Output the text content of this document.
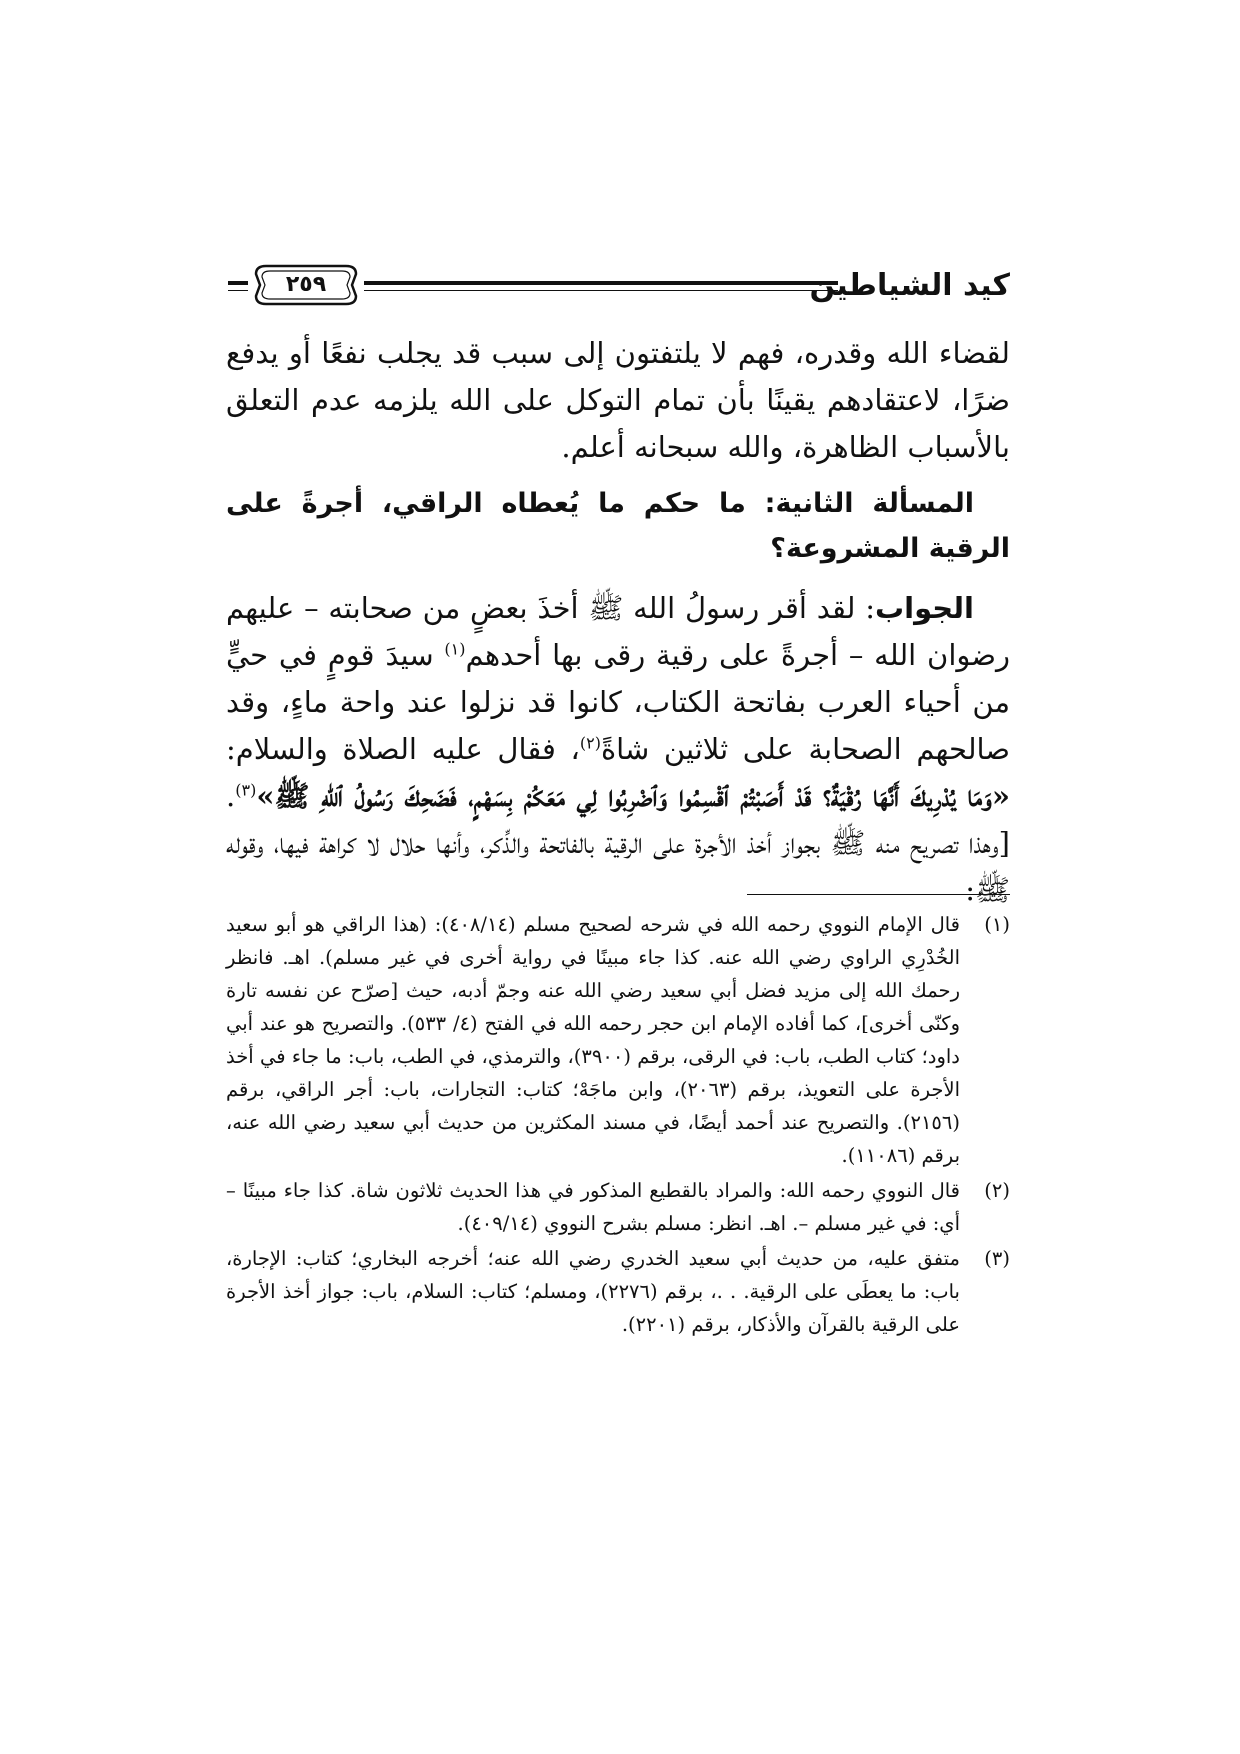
كيد الشياطين
٢٥٩

لقضاء الله وقدره، فهم لا يلتفتون إلى سبب قد يجلب نفعًا أو يدفع ضرًا، لاعتقادهم يقينًا بأن تمام التوكل على الله يلزمه عدم التعلق بالأسباب الظاهرة، والله سبحانه أعلم.

المسألة الثانية: ما حكم ما يُعطاه الراقي، أجرةً على الرقية المشروعة؟

الجواب: لقد أقر رسولُ الله ﷺ أخذَ بعضٍ من صحابته – عليهم رضوان الله – أجرةً على رقية رقى بها أحدهم$^{(١)}$ سيدَ قومٍ في حيٍّ من أحياء العرب بفاتحة الكتاب، كانوا قد نزلوا عند واحة ماءٍ، وقد صالحهم الصحابة على ثلاثين شاةً$^{(٢)}$، فقال عليه الصلاة والسلام: «وَمَا يُدْرِيكَ أَنَّهَا رُقْيَةٌ؟ قَدْ أَصَبْتُمْ ٱقْسِمُوا وَٱضْرِبُوا لِي مَعَكُمْ بِسَهْمٍ، فَضَحِكَ رَسُولُ ٱللهِ ﷺ»$^{(٣)}$. [وهذا تصريح منه ﷺ بجواز أخذ الأجرة على الرقية بالفاتحة والذِّكر، وأنها حلال لا كراهة فيها، وقوله ﷺ:

(١)
قال الإمام النووي رحمه الله في شرحه لصحيح مسلم (٤٠٨/١٤): (هذا الراقي هو أبو سعيد الخُدْرِي الراوي رضي الله عنه. كذا جاء مبينًا في رواية أخرى في غير مسلم). اهـ. فانظر رحمك الله إلى مزيد فضل أبي سعيد رضي الله عنه وجمّ أدبه، حيث [صرّح عن نفسه تارة وكنّى أخرى]، كما أفاده الإمام ابن حجر رحمه الله في الفتح (٤/ ٥٣٣). والتصريح هو عند أبي داود؛ كتاب الطب، باب: في الرقى، برقم (٣٩٠٠)، والترمذي، في الطب، باب: ما جاء في أخذ الأجرة على التعويذ، برقم (٢٠٦٣)، وابن ماجَهْ؛ كتاب: التجارات، باب: أجر الراقي، برقم (٢١٥٦). والتصريح عند أحمد أيضًا، في مسند المكثرين من حديث أبي سعيد رضي الله عنه، برقم (١١٠٨٦).
(٢)
قال النووي رحمه الله: والمراد بالقطيع المذكور في هذا الحديث ثلاثون شاة. كذا جاء مبينًا – أي: في غير مسلم –. اهـ. انظر: مسلم بشرح النووي (٤٠٩/١٤).
(٣)
متفق عليه، من حديث أبي سعيد الخدري رضي الله عنه؛ أخرجه البخاري؛ كتاب: الإجارة، باب: ما يعطَى على الرقية. . .، برقم (٢٢٧٦)، ومسلم؛ كتاب: السلام، باب: جواز أخذ الأجرة على الرقية بالقرآن والأذكار، برقم (٢٢٠١).
